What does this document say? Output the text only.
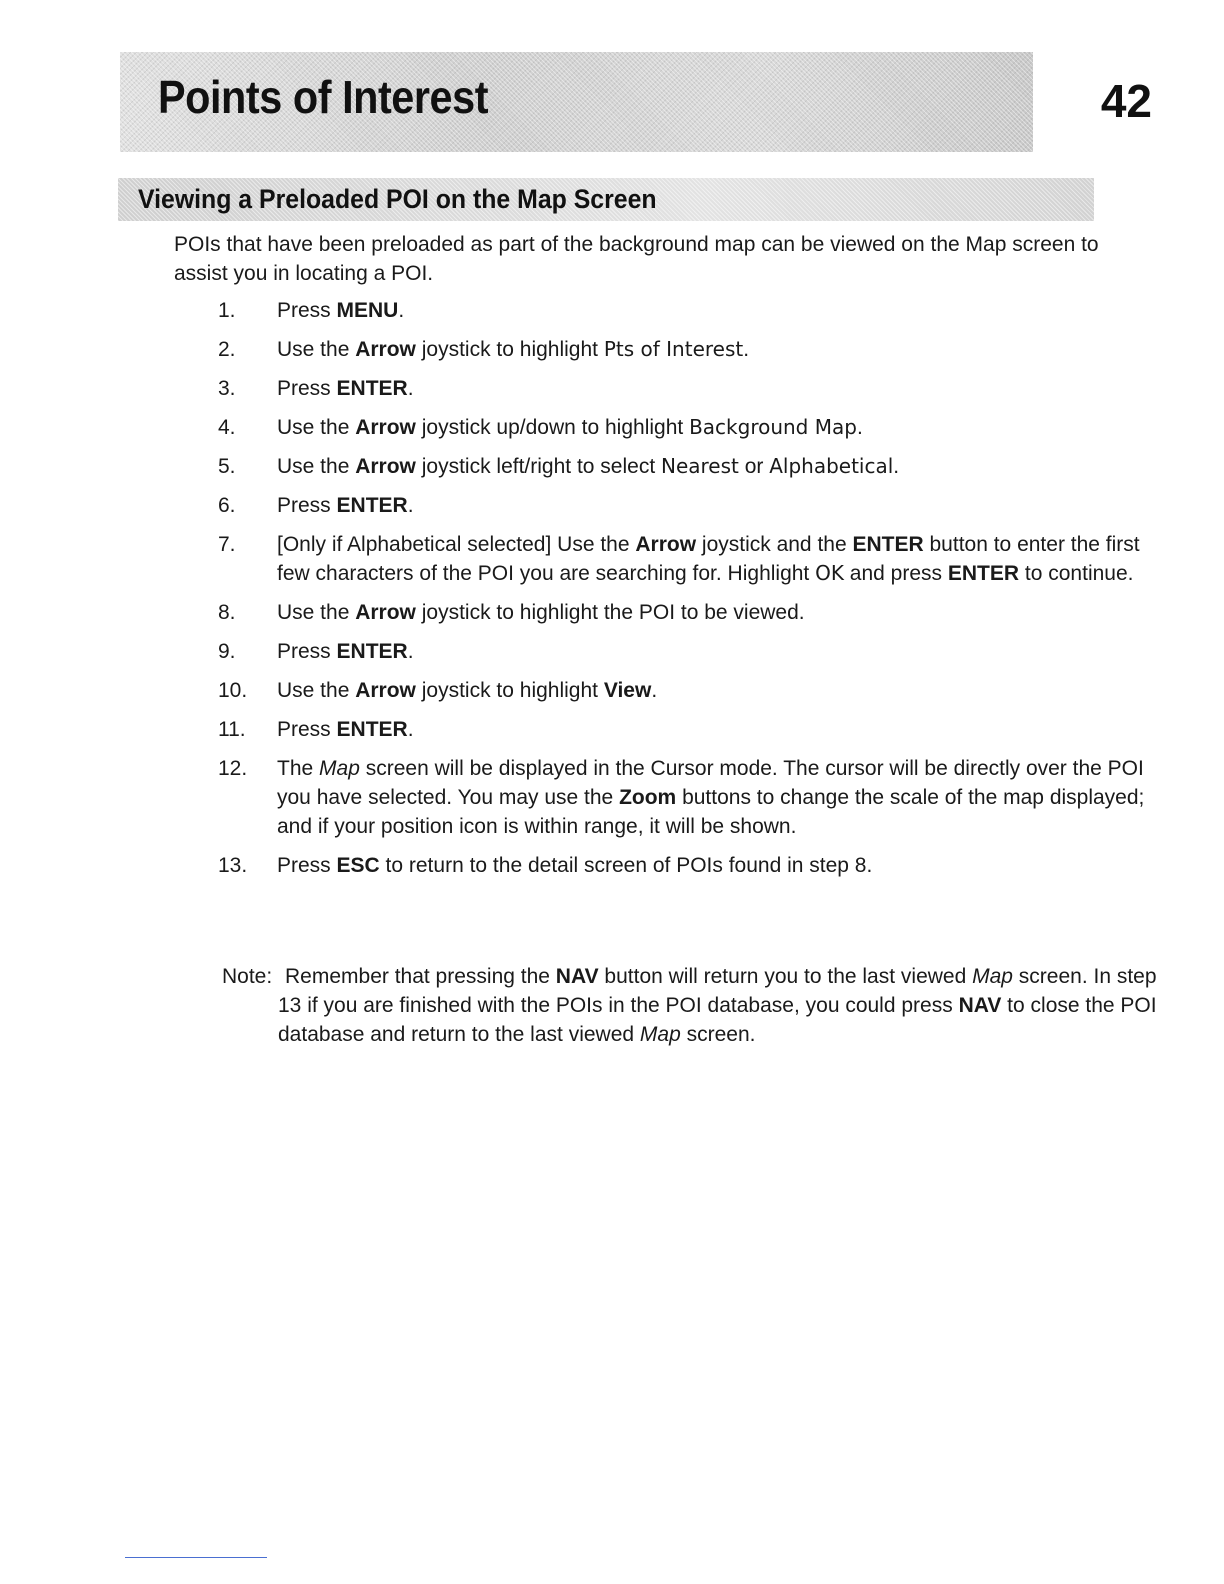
Points of Interest	42
Viewing a Preloaded POI on the Map Screen

POIs that have been preloaded as part of the background map can be viewed on the Map screen to assist you in locating a POI.

1.	Press MENU.
2.	Use the Arrow joystick to highlight Pts of Interest.
3.	Press ENTER.
4.	Use the Arrow joystick up/down to highlight Background Map.
5.	Use the Arrow joystick left/right to select Nearest or Alphabetical.
6.	Press ENTER.
7.	[Only if Alphabetical selected] Use the Arrow joystick and the ENTER button to enter the first few characters of the POI you are searching for. Highlight OK and press ENTER to continue.
8.	Use the Arrow joystick to highlight the POI to be viewed.
9.	Press ENTER.
10.	Use the Arrow joystick to highlight View.
11.	Press ENTER.
12.	The Map screen will be displayed in the Cursor mode. The cursor will be directly over the POI you have selected. You may use the Zoom buttons to change the scale of the map displayed; and if your position icon is within range, it will be shown.
13.	Press ESC to return to the detail screen of POIs found in step 8.
Note: Remember that pressing the NAV button will return you to the last viewed Map screen. In step 13 if you are finished with the POIs in the POI database, you could press NAV to close the POI database and return to the last viewed Map screen.
